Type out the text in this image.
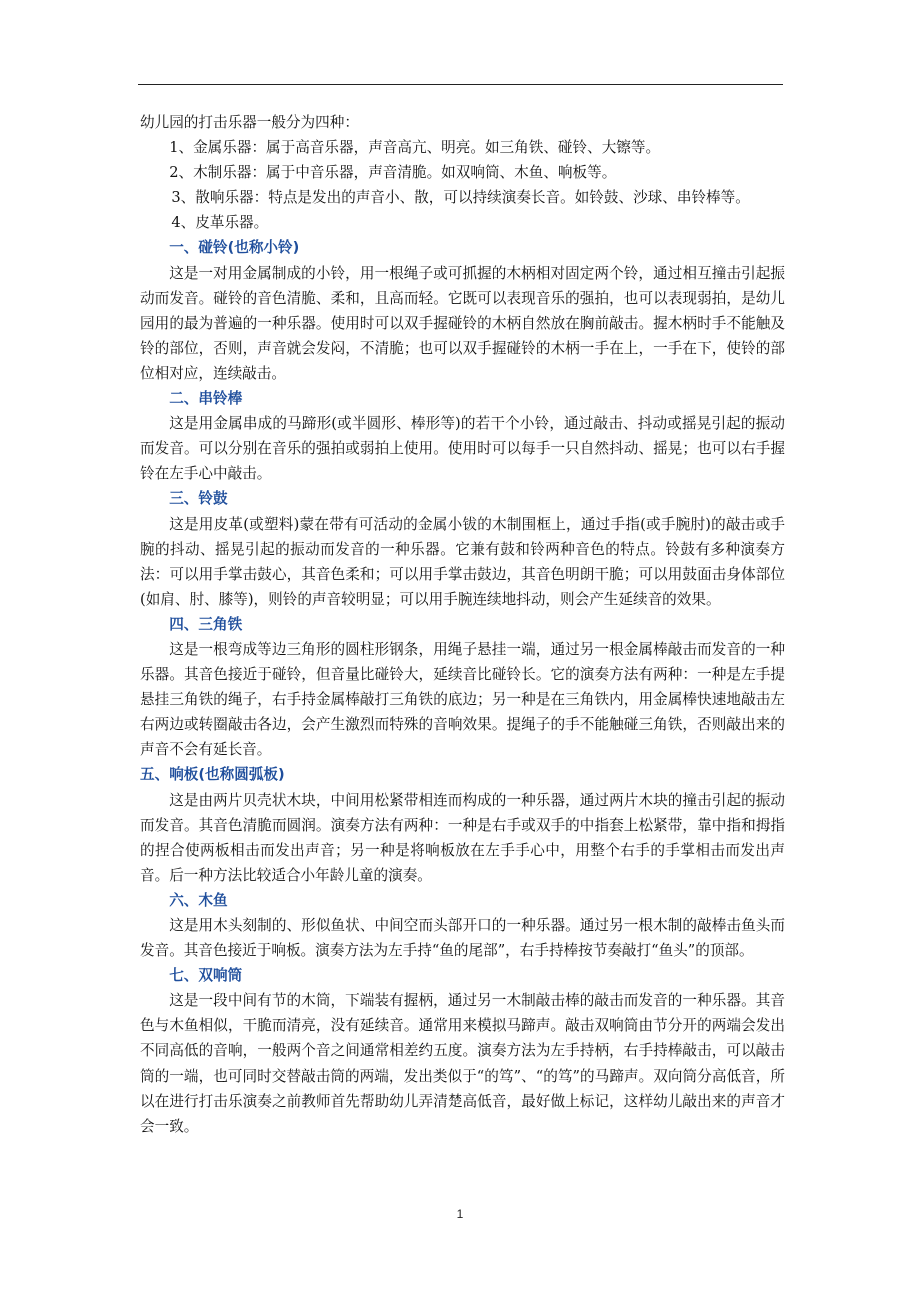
幼儿园的打击乐器一般分为四种：

1、金属乐器：属于高音乐器，声音高亢、明亮。如三角铁、碰铃、大镲等。

2、木制乐器：属于中音乐器，声音清脆。如双响筒、木鱼、响板等。

3、散响乐器：特点是发出的声音小、散，可以持续演奏长音。如铃鼓、沙球、串铃棒等。

4、皮革乐器。

一、碰铃(也称小铃)

这是一对用金属制成的小铃，用一根绳子或可抓握的木柄相对固定两个铃，通过相互撞击引起振动而发音。碰铃的音色清脆、柔和，且高而轻。它既可以表现音乐的强拍，也可以表现弱拍，是幼儿园用的最为普遍的一种乐器。使用时可以双手握碰铃的木柄自然放在胸前敲击。握木柄时手不能触及铃的部位，否则，声音就会发闷，不清脆；也可以双手握碰铃的木柄一手在上，一手在下，使铃的部位相对应，连续敲击。

二、串铃棒

这是用金属串成的马蹄形(或半圆形、棒形等)的若干个小铃，通过敲击、抖动或摇晃引起的振动而发音。可以分别在音乐的强拍或弱拍上使用。使用时可以每手一只自然抖动、摇晃；也可以右手握铃在左手心中敲击。

三、铃鼓

这是用皮革(或塑料)蒙在带有可活动的金属小钹的木制围框上，通过手指(或手腕肘)的敲击或手腕的抖动、摇晃引起的振动而发音的一种乐器。它兼有鼓和铃两种音色的特点。铃鼓有多种演奏方法：可以用手掌击鼓心，其音色柔和；可以用手掌击鼓边，其音色明朗干脆；可以用鼓面击身体部位(如肩、肘、膝等)，则铃的声音较明显；可以用手腕连续地抖动，则会产生延续音的效果。

四、三角铁

这是一根弯成等边三角形的圆柱形钢条，用绳子悬挂一端，通过另一根金属棒敲击而发音的一种乐器。其音色接近于碰铃，但音量比碰铃大，延续音比碰铃长。它的演奏方法有两种：一种是左手提悬挂三角铁的绳子，右手持金属棒敲打三角铁的底边；另一种是在三角铁内，用金属棒快速地敲击左右两边或转圈敲击各边，会产生激烈而特殊的音响效果。提绳子的手不能触碰三角铁，否则敲出来的声音不会有延长音。

五、响板(也称圆弧板)

这是由两片贝壳状木块，中间用松紧带相连而构成的一种乐器，通过两片木块的撞击引起的振动而发音。其音色清脆而圆润。演奏方法有两种：一种是右手或双手的中指套上松紧带，靠中指和拇指的捏合使两板相击而发出声音；另一种是将响板放在左手手心中，用整个右手的手掌相击而发出声音。后一种方法比较适合小年龄儿童的演奏。

六、木鱼

这是用木头刻制的、形似鱼状、中间空而头部开口的一种乐器。通过另一根木制的敲棒击鱼头而发音。其音色接近于响板。演奏方法为左手持“鱼的尾部”，右手持棒按节奏敲打“鱼头”的顶部。

七、双响筒

这是一段中间有节的木筒，下端装有握柄，通过另一木制敲击棒的敲击而发音的一种乐器。其音色与木鱼相似，干脆而清亮，没有延续音。通常用来模拟马蹄声。敲击双响筒由节分开的两端会发出不同高低的音响，一般两个音之间通常相差约五度。演奏方法为左手持柄，右手持棒敲击，可以敲击筒的一端，也可同时交替敲击筒的两端，发出类似于“的笃”、“的笃”的马蹄声。双向筒分高低音，所以在进行打击乐演奏之前教师首先帮助幼儿弄清楚高低音，最好做上标记，这样幼儿敲出来的声音才会一致。

1
